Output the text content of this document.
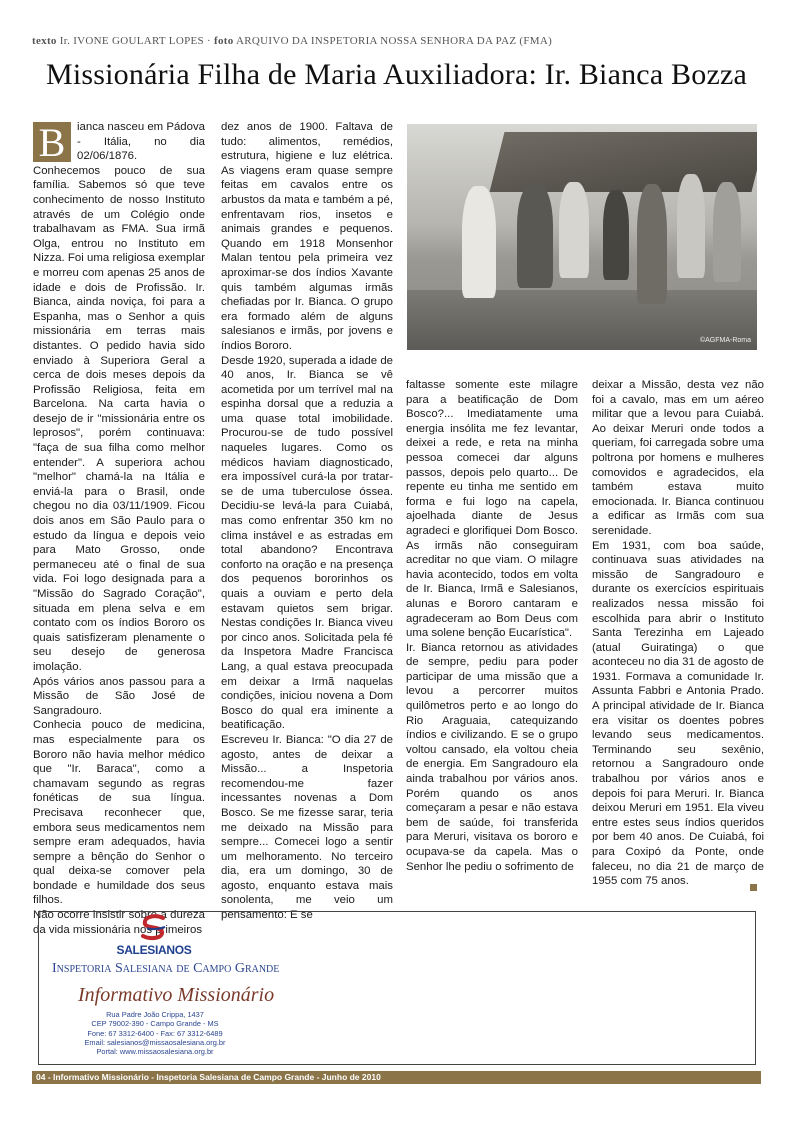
texto Ir. IVONE GOULART LOPES · foto ARQUIVO DA INSPETORIA NOSSA SENHORA DA PAZ (FMA)
Missionária Filha de Maria Auxiliadora: Ir. Bianca Bozza
B	ianca nasceu em Pádova - Itália, no dia 02/06/1876. Conhecemos pouco de sua família. Sabemos só que teve conhecimento de nosso Instituto através de um Colégio onde trabalhavam as FMA. Sua irmã Olga, entrou no Instituto em Nizza. Foi uma religiosa exemplar e morreu com apenas 25 anos de idade e dois de Profissão. Ir. Bianca, ainda noviça, foi para a Espanha, mas o Senhor a quis missionária em terras mais distantes. O pedido havia sido enviado à Superiora Geral a cerca de dois meses depois da Profissão Religiosa, feita em Barcelona. Na carta havia o desejo de ir "missionária entre os leprosos", porém continuava: "faça de sua filha como melhor entender". A superiora achou "melhor" chamá-la na Itália e enviá-la para o Brasil, onde chegou no dia 03/11/1909. Ficou dois anos em São Paulo para o estudo da língua e depois veio para Mato Grosso, onde permaneceu até o final de sua vida. Foi logo designada para a "Missão do Sagrado Coração", situada em plena selva e em contato com os índios Bororo os quais satisfizeram plenamente o seu desejo de generosa imolação.

Após vários anos passou para a Missão de São José de Sangradouro.

Conhecia pouco de medicina, mas especialmente para os Bororo não havia melhor médico que "Ir. Baraca", como a chamavam segundo as regras fonéticas de sua língua. Precisava reconhecer que, embora seus medicamentos nem sempre eram adequados, havia sempre a bênção do Senhor o qual deixa-se comover pela bondade e humildade dos seus filhos.

Não ocorre insistir sobre a dureza da vida missionária nos primeiros

dez anos de 1900. Faltava de tudo: alimentos, remédios, estrutura, higiene e luz elétrica. As viagens eram quase sempre feitas em cavalos entre os arbustos da mata e também a pé, enfrentavam rios, insetos e animais grandes e pequenos. Quando em 1918 Monsenhor Malan tentou pela primeira vez aproximar-se dos índios Xavante quis também algumas irmãs chefiadas por Ir. Bianca. O grupo era formado além de alguns salesianos e irmãs, por jovens e índios Bororo.

Desde 1920, superada a idade de 40 anos, Ir. Bianca se vê acometida por um terrível mal na espinha dorsal que a reduzia a uma quase total imobilidade. Procurou-se de tudo possível naqueles lugares. Como os médicos haviam diagnosticado, era impossível curá-la por tratar-se de uma tuberculose óssea. Decidiu-se levá-la para Cuiabá, mas como enfrentar 350 km no clima instável e as estradas em total abandono? Encontrava conforto na oração e na presença dos pequenos bororinhos os quais a ouviam e perto dela estavam quietos sem brigar. Nestas condições Ir. Bianca viveu por cinco anos. Solicitada pela fé da Inspetora Madre Francisca Lang, a qual estava preocupada em deixar a Irmã naquelas condições, iniciou novena a Dom Bosco do qual era iminente a beatificação.

Escreveu Ir. Bianca: "O dia 27 de agosto, antes de deixar a Missão... a Inspetoria recomendou-me fazer incessantes novenas a Dom Bosco. Se me fizesse sarar, teria me deixado na Missão para sempre... Comecei logo a sentir um melhoramento. No terceiro dia, era um domingo, 30 de agosto, enquanto estava mais sonolenta, me veio um pensamento: E se

©AGFMA-Roma

faltasse somente este milagre para a beatificação de Dom Bosco?... Imediatamente uma energia insólita me fez levantar, deixei a rede, e reta na minha pessoa comecei dar alguns passos, depois pelo quarto... De repente eu tinha me sentido em forma e fui logo na capela, ajoelhada diante de Jesus agradeci e glorifiquei Dom Bosco. As irmãs não conseguiram acreditar no que viam. O milagre havia acontecido, todos em volta de Ir. Bianca, Irmã e Salesianos, alunas e Bororo cantaram e agradeceram ao Bom Deus com uma solene benção Eucarística".

Ir. Bianca retornou as atividades de sempre, pediu para poder participar de uma missão que a levou a percorrer muitos quilômetros perto e ao longo do Rio Araguaia, catequizando índios e civilizando. E se o grupo voltou cansado, ela voltou cheia de energia. Em Sangradouro ela ainda trabalhou por vários anos. Porém quando os anos começaram a pesar e não estava bem de saúde, foi transferida para Meruri, visitava os bororo e ocupava-se da capela. Mas o Senhor lhe pediu o sofrimento de

deixar a Missão, desta vez não foi a cavalo, mas em um aéreo militar que a levou para Cuiabá. Ao deixar Meruri onde todos a queriam, foi carregada sobre uma poltrona por homens e mulheres comovidos e agradecidos, ela também estava muito emocionada. Ir. Bianca continuou a edificar as Irmãs com sua serenidade.

Em 1931, com boa saúde, continuava suas atividades na missão de Sangradouro e durante os exercícios espirituais realizados nessa missão foi escolhida para abrir o Instituto Santa Terezinha em Lajeado (atual Guiratinga) o que aconteceu no dia 31 de agosto de 1931. Formava a comunidade Ir. Assunta Fabbri e Antonia Prado. A principal atividade de Ir. Bianca era visitar os doentes pobres levando seus medicamentos. Terminando seu sexênio, retornou a Sangradouro onde trabalhou por vários anos e depois foi para Meruri. Ir. Bianca deixou Meruri em 1951. Ela viveu entre estes seus índios queridos por bem 40 anos. De Cuiabá, foi para Coxipó da Ponte, onde faleceu, no dia 21 de março de 1955 com 75 anos.

SALESIANOS
Inspetoria Salesiana de Campo Grande
Informativo Missionário
Rua Padre João Crippa, 1437
CEP 79002-390 - Campo Grande - MS
Fone: 67 3312-6400 - Fax: 67 3312-6489
Email: salesianos@missaosalesiana.org.br
Portal: www.missaosalesiana.org.br
04 - Informativo Missionário - Inspetoria Salesiana de Campo Grande - Junho de 2010
